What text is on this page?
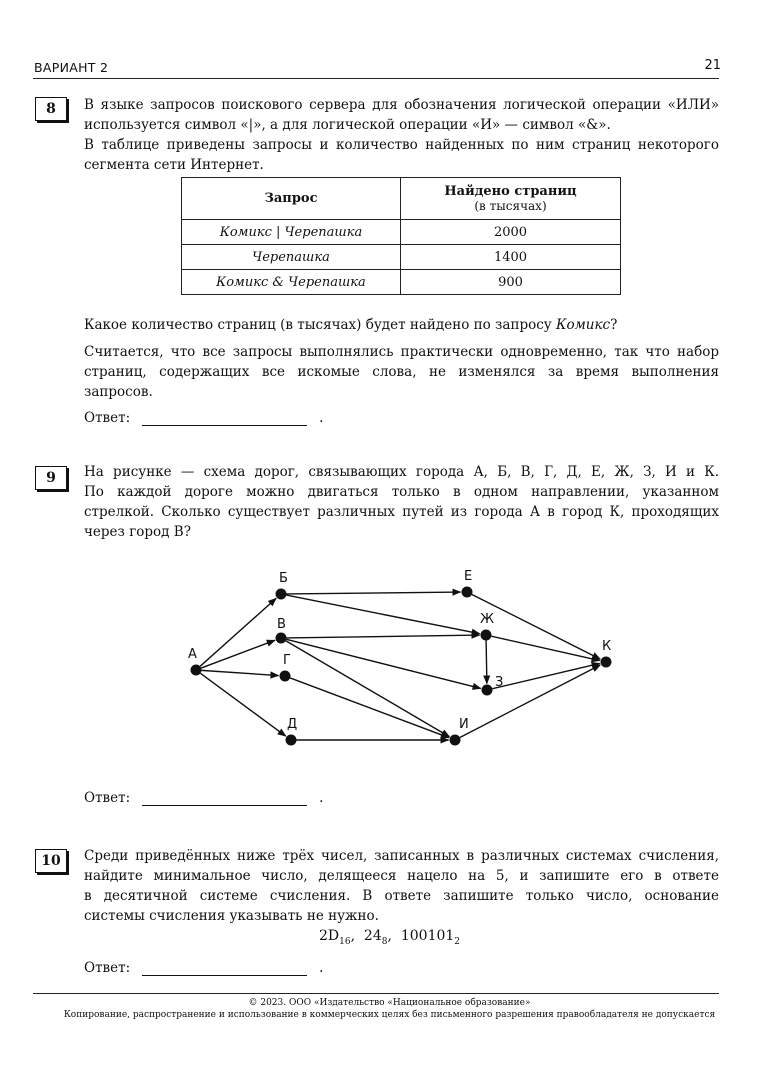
ВАРИАНТ 2	21
8	В языке запросов поискового сервера для обозначения логической операции «ИЛИ»
используется символ «|», а для логической операции «И» — символ «&».
В таблице приведены запросы и количество найденных по ним страниц некоторого
сегмента сети Интернет.
Запрос	Найдено страниц
(в тысячах)

Комикс | Черепашка	2000
Черепашка	1400
Комикс & Черепашка	900
Какое количество страниц (в тысячах) будет найдено по запросу Комикс?
Считается, что все запросы выполнялись практически одновременно, так что набор
страниц, содержащих все искомые слова, не изменялся за время выполнения
запросов.
Ответ:	.
9	На рисунке — схема дорог, связывающих города А, Б, В, Г, Д, Е, Ж, З, И и К.
По каждой дороге можно двигаться только в одном направлении, указанном
стрелкой. Сколько существует различных путей из города А в город К, проходящих
через город В?
А
Б
В
Г
Д
Е
Ж
З
И
К
Ответ:	.
10	Среди приведённых ниже трёх чисел, записанных в различных системах счисления,
найдите минимальное число, делящееся нацело на 5, и запишите его в ответе
в десятичной системе счисления. В ответе запишите только число, основание
системы счисления указывать не нужно.
$2D_{16}$,  $24_8$,  $100101_2$
Ответ:	.
© 2023. ООО «Издательство «Национальное образование»
Копирование, распространение и использование в коммерческих целях без письменного разрешения правообладателя не допускается
